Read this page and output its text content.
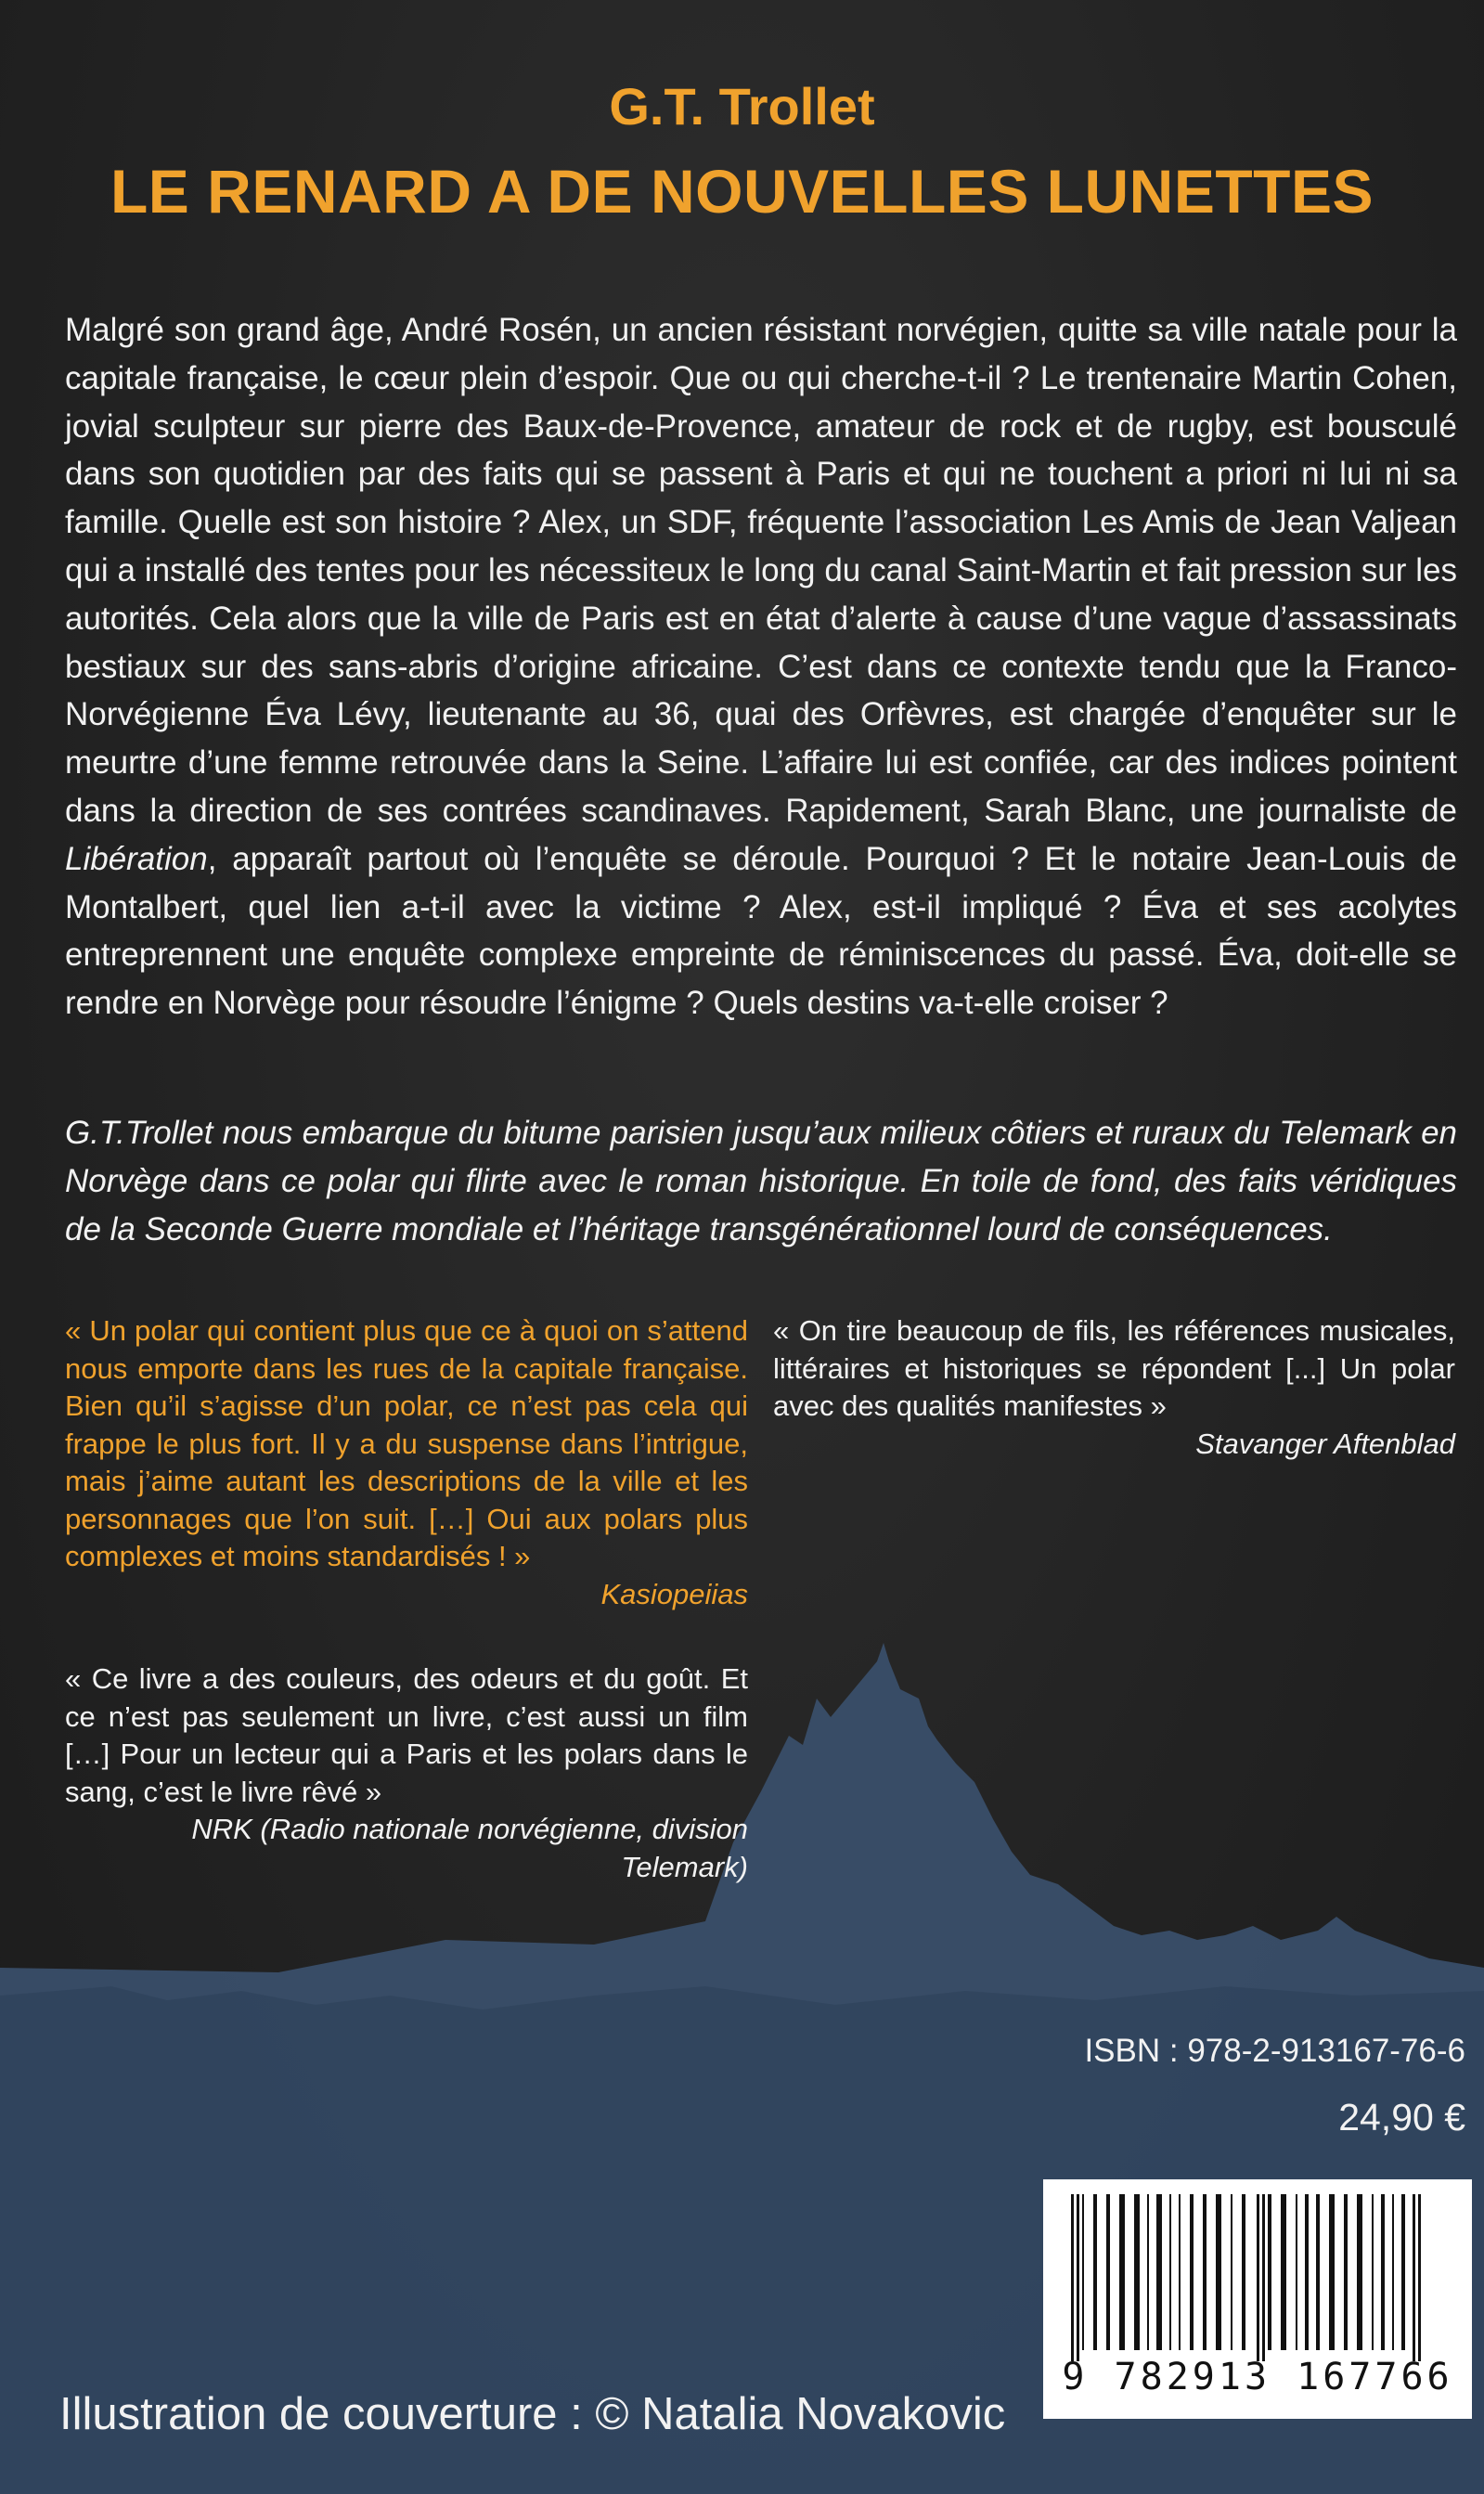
G.T. Trollet
LE RENARD A DE NOUVELLES LUNETTES

Malgré son grand âge, André Rosén, un ancien résistant norvégien, quitte sa ville natale pour la capitale française, le cœur plein d’espoir. Que ou qui cherche-t-il ? Le trentenaire Martin Cohen, jovial sculpteur sur pierre des Baux-de-Provence, amateur de rock et de rugby, est bousculé dans son quotidien par des faits qui se passent à Paris et qui ne touchent a priori ni lui ni sa famille. Quelle est son histoire ? Alex, un SDF, fréquente l’association Les Amis de Jean Valjean qui a installé des tentes pour les nécessiteux le long du canal Saint-Martin et fait pression sur les autorités. Cela alors que la ville de Paris est en état d’alerte à cause d’une vague d’assassinats bestiaux sur des sans-abris d’origine africaine. C’est dans ce contexte tendu que la Franco-Norvégienne Éva Lévy, lieutenante au 36, quai des Orfèvres, est chargée d’enquêter sur le meurtre d’une femme retrouvée dans la Seine. L’affaire lui est confiée, car des indices pointent dans la direction de ses contrées scandinaves. Rapidement, Sarah Blanc, une journaliste de Libération, apparaît partout où l’enquête se déroule. Pourquoi ? Et le notaire Jean-Louis de Montalbert, quel lien a-t-il avec la victime ? Alex, est-il impliqué ? Éva et ses acolytes entreprennent une enquête complexe empreinte de réminiscences du passé. Éva, doit-elle se rendre en Norvège pour résoudre l’énigme ? Quels destins va-t-elle croiser ?

G.T.Trollet nous embarque du bitume parisien jusqu’aux milieux côtiers et ruraux du Telemark en Norvège dans ce polar qui flirte avec le roman historique. En toile de fond, des faits véridiques de la Seconde Guerre mondiale et l’héritage transgénérationnel lourd de conséquences.

« Un polar qui contient plus que ce à quoi on s’attend nous emporte dans les rues de la capitale française. Bien qu’il s’agisse d’un polar, ce n’est pas cela qui frappe le plus fort. Il y a du suspense dans l’intrigue, mais j’aime autant les descriptions de la ville et les personnages que l’on suit. […] Oui aux polars plus complexes et moins standardisés ! »

Kasiopeiias

« On tire beaucoup de fils, les références musicales, littéraires et historiques se répondent [...] Un polar avec des qualités manifestes »

Stavanger Aftenblad

« Ce livre a des couleurs, des odeurs et du goût. Et ce n’est pas seulement un livre, c’est aussi un film […] Pour un lecteur qui a Paris et les polars dans le sang, c’est le livre rêvé »

NRK (Radio nationale norvégienne, division Telemark)

ISBN : 978-2-913167-76-6

24,90 €

9 782913 167766

Illustration de couverture : © Natalia Novakovic
